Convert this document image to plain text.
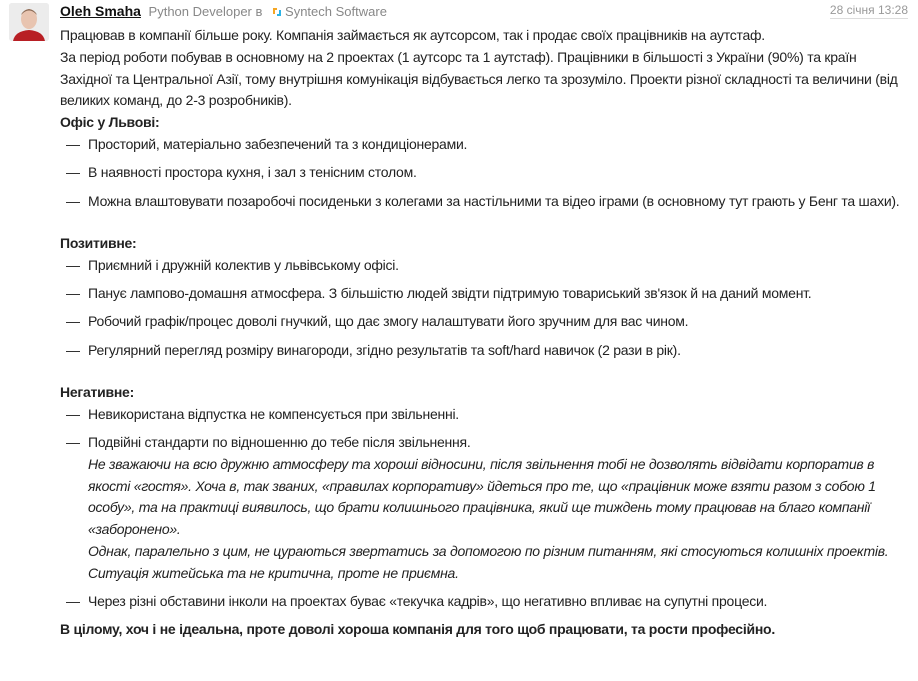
Oleh Smaha Python Developer в Syntech Software	28 січня 13:28

Працював в компанії більше року. Компанія займається як аутсорсом, так і продає своїх працівників на аутстаф.

За період роботи побував в основному на 2 проектах (1 аутсорс та 1 аутстаф). Працівники в більшості з України (90%) та країн Західної та Центральної Азії, тому внутрішня комунікація відбувається легко та зрозуміло. Проекти різної складності та величини (від великих команд, до 2-3 розробників).

Офіс у Львові:

— Просторий, матеріально забезпечений та з кондиціонерами.
— В наявності простора кухня, і зал з тенісним столом.
— Можна влаштовувати позаробочі посиденьки з колегами за настільними та відео іграми (в основному тут грають у Бенг та шахи).

Позитивне:

— Приємний і дружній колектив у львівському офісі.
— Панує лампово-домашня атмосфера. З більшістю людей звідти підтримую товариський зв'язок й на даний момент.
— Робочий графік/процес доволі гнучкий, що дає змогу налаштувати його зручним для вас чином.
— Регулярний перегляд розміру винагороди, згідно результатів та soft/hard навичок (2 рази в рік).

Негативне:

— Невикористана відпустка не компенсується при звільненні.
— Подвійні стандарти по відношенню до тебе після звільнення.
Не зважаючи на всю дружню атмосферу та хороші відносини, після звільнення тобі не дозволять відвідати корпоратив в якості «гостя». Хоча в, так званих, «правилах корпоративу» йдеться про те, що «працівник може взяти разом з собою 1 особу», та на практиці виявилось, що брати колишнього працівника, який ще тиждень тому працював на благо компанії «заборонено».
Однак, паралельно з цим, не цураються звертатись за допомогою по різним питанням, які стосуються колишніх проектів. Ситуація житейська та не критична, проте не приємна.
— Через різні обставини інколи на проектах буває «текучка кадрів», що негативно впливає на супутні процеси.

В цілому, хоч і не ідеальна, проте доволі хороша компанія для того щоб працювати, та рости професійно.
